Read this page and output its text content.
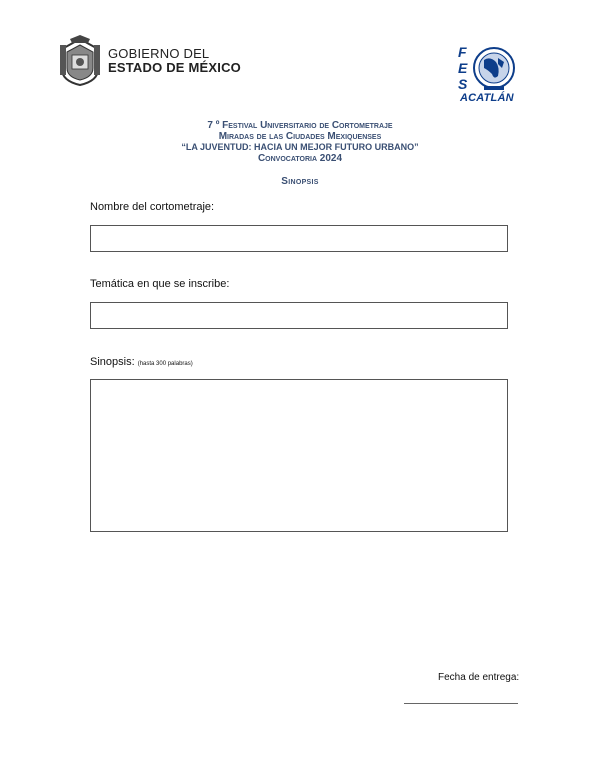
GOBIERNO DEL
ESTADO DE MÉXICO
F
E
S
ACATLÁN
7 º Festival Universitario de Cortometraje
Miradas de las Ciudades Mexiquenses
“LA JUVENTUD: HACIA UN MEJOR FUTURO URBANO”
Convocatoria 2024
Sinopsis
Nombre del cortometraje:
Temática en que se inscribe:
Sinopsis: (hasta 300 palabras)
Fecha de entrega:
